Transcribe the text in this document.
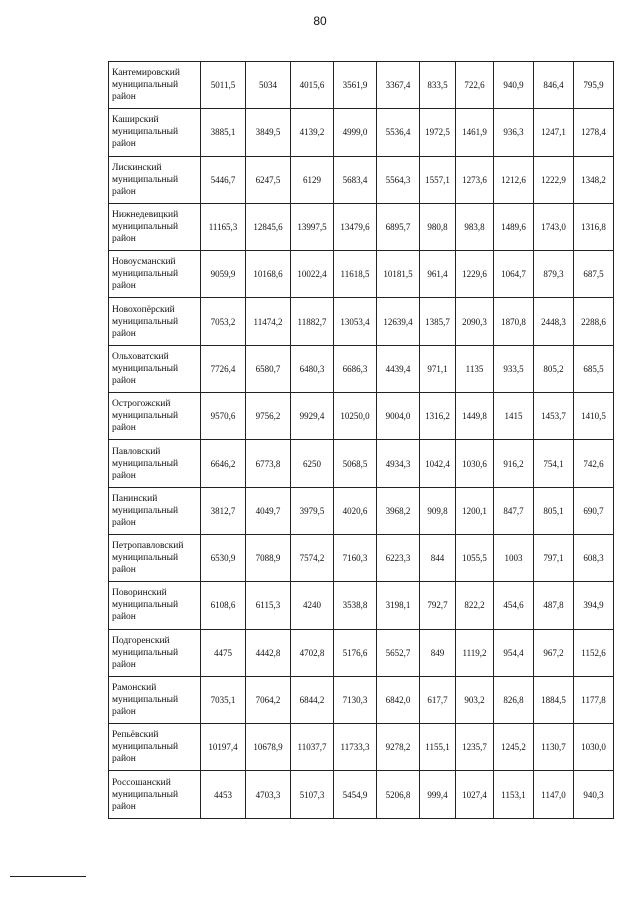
80
Кантемировский
муниципальный
район	5011,5	5034	4015,6	3561,9	3367,4	833,5	722,6	940,9	846,4	795,9

Каширский
муниципальный
район	3885,1	3849,5	4139,2	4999,0	5536,4	1972,5	1461,9	936,3	1247,1	1278,4

Лискинский
муниципальный
район	5446,7	6247,5	6129	5683,4	5564,3	1557,1	1273,6	1212,6	1222,9	1348,2

Нижнедевицкий
муниципальный
район	11165,3	12845,6	13997,5	13479,6	6895,7	980,8	983,8	1489,6	1743,0	1316,8

Новоусманский
муниципальный
район	9059,9	10168,6	10022,4	11618,5	10181,5	961,4	1229,6	1064,7	879,3	687,5

Новохопёрский
муниципальный
район	7053,2	11474,2	11882,7	13053,4	12639,4	1385,7	2090,3	1870,8	2448,3	2288,6

Ольховатский
муниципальный
район	7726,4	6580,7	6480,3	6686,3	4439,4	971,1	1135	933,5	805,2	685,5

Острогожский
муниципальный
район	9570,6	9756,2	9929,4	10250,0	9004,0	1316,2	1449,8	1415	1453,7	1410,5

Павловский
муниципальный
район	6646,2	6773,8	6250	5068,5	4934,3	1042,4	1030,6	916,2	754,1	742,6

Панинский
муниципальный
район	3812,7	4049,7	3979,5	4020,6	3968,2	909,8	1200,1	847,7	805,1	690,7

Петропавловский
муниципальный
район	6530,9	7088,9	7574,2	7160,3	6223,3	844	1055,5	1003	797,1	608,3

Поворинский
муниципальный
район	6108,6	6115,3	4240	3538,8	3198,1	792,7	822,2	454,6	487,8	394,9

Подгоренский
муниципальный
район	4475	4442,8	4702,8	5176,6	5652,7	849	1119,2	954,4	967,2	1152,6

Рамонский
муниципальный
район	7035,1	7064,2	6844,2	7130,3	6842,0	617,7	903,2	826,8	1884,5	1177,8

Репьёвский
муниципальный
район	10197,4	10678,9	11037,7	11733,3	9278,2	1155,1	1235,7	1245,2	1130,7	1030,0

Россошанский
муниципальный
район	4453	4703,3	5107,3	5454,9	5206,8	999,4	1027,4	1153,1	1147,0	940,3
